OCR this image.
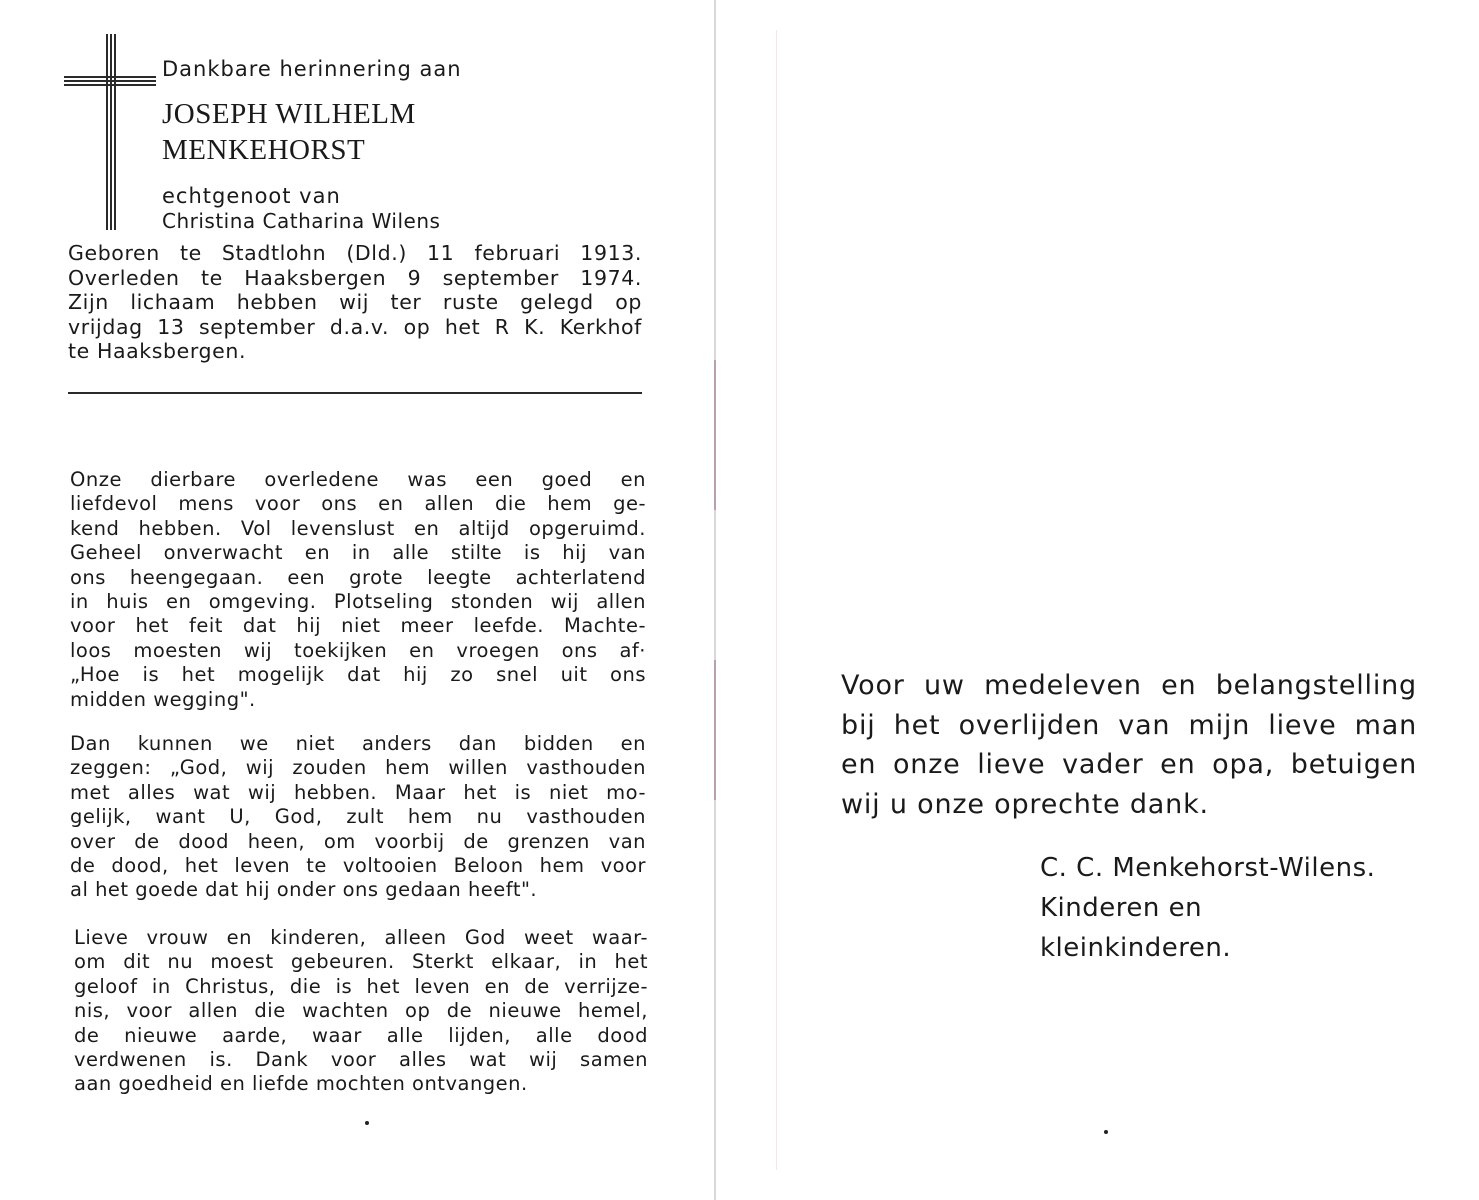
Dankbare herinnering aan

JOSEPH WILHELM
MENKEHORST

echtgenoot van

Christina Catharina Wilens

Geboren te Stadtlohn (Dld.) 11 februari 1913.

Overleden te Haaksbergen 9 september 1974.

Zijn lichaam hebben wij ter ruste gelegd op

vrijdag 13 september d.a.v. op het R K. Kerkhof

te Haaksbergen.

Onze dierbare overledene was een goed en

liefdevol mens voor ons en allen die hem ge-

kend hebben. Vol levenslust en altijd opgeruimd.

Geheel onverwacht en in alle stilte is hij van

ons heengegaan. een grote leegte achterlatend

in huis en omgeving. Plotseling stonden wij allen

voor het feit dat hij niet meer leefde. Machte-

loos moesten wij toekijken en vroegen ons af·

„Hoe is het mogelijk dat hij zo snel uit ons

midden wegging".

Dan kunnen we niet anders dan bidden en

zeggen: „God, wij zouden hem willen vasthouden

met alles wat wij hebben. Maar het is niet mo-

gelijk, want U, God, zult hem nu vasthouden

over de dood heen, om voorbij de grenzen van

de dood, het leven te voltooien Beloon hem voor

al het goede dat hij onder ons gedaan heeft".

Lieve vrouw en kinderen, alleen God weet waar-

om dit nu moest gebeuren. Sterkt elkaar, in het

geloof in Christus, die is het leven en de verrijze-

nis, voor allen die wachten op de nieuwe hemel,

de nieuwe aarde, waar alle lijden, alle dood

verdwenen is. Dank voor alles wat wij samen

aan goedheid en liefde mochten ontvangen.

Voor uw medeleven en belangstelling

bij het overlijden van mijn lieve man

en onze lieve vader en opa, betuigen

wij u onze oprechte dank.

C. C. Menkehorst-Wilens.

Kinderen en

kleinkinderen.
